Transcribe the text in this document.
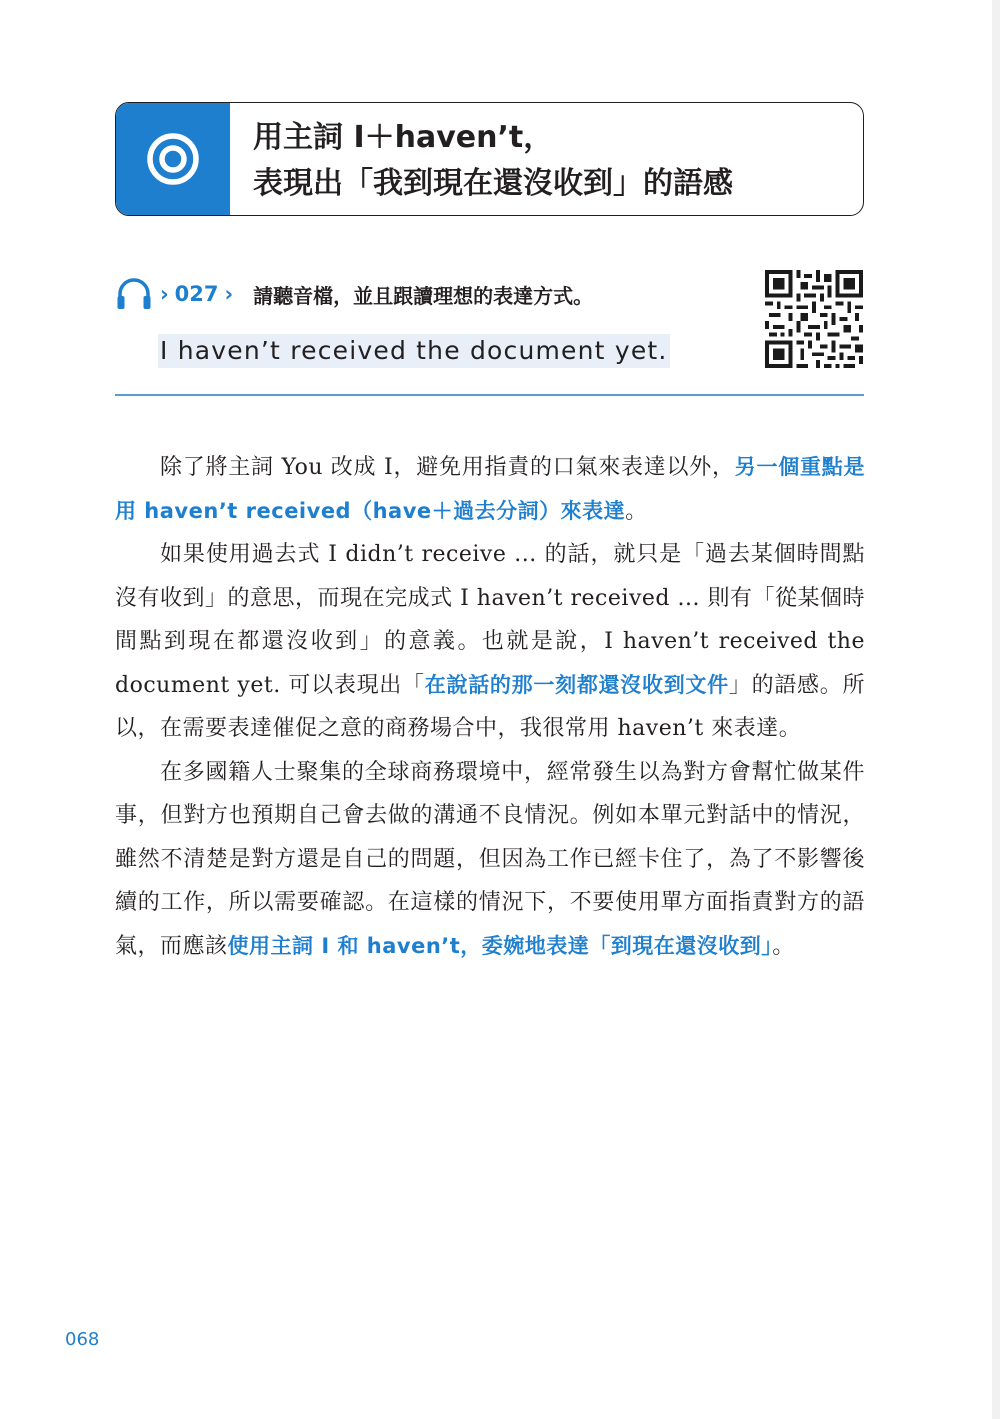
用主詞 I＋haven’t，
表現出「我到現在還沒收到」的語感
› 027 › 請聽音檔，並且跟讀理想的表達方式。
I haven’t received the document yet.

除了將主詞 You 改成 I，避免用指責的口氣來表達以外，另一個重點是用 haven’t received（have＋過去分詞）來表達。

如果使用過去式 I didn’t receive ... 的話，就只是「過去某個時間點沒有收到」的意思，而現在完成式 I haven’t received ... 則有「從某個時間點到現在都還沒收到」的意義。也就是說，I haven’t received the document yet. 可以表現出「在說話的那一刻都還沒收到文件」的語感。所以，在需要表達催促之意的商務場合中，我很常用 haven’t 來表達。

在多國籍人士聚集的全球商務環境中，經常發生以為對方會幫忙做某件事，但對方也預期自己會去做的溝通不良情況。例如本單元對話中的情況，雖然不清楚是對方還是自己的問題，但因為工作已經卡住了，為了不影響後續的工作，所以需要確認。在這樣的情況下，不要使用單方面指責對方的語氣，而應該使用主詞 I 和 haven’t，委婉地表達「到現在還沒收到」。

068
